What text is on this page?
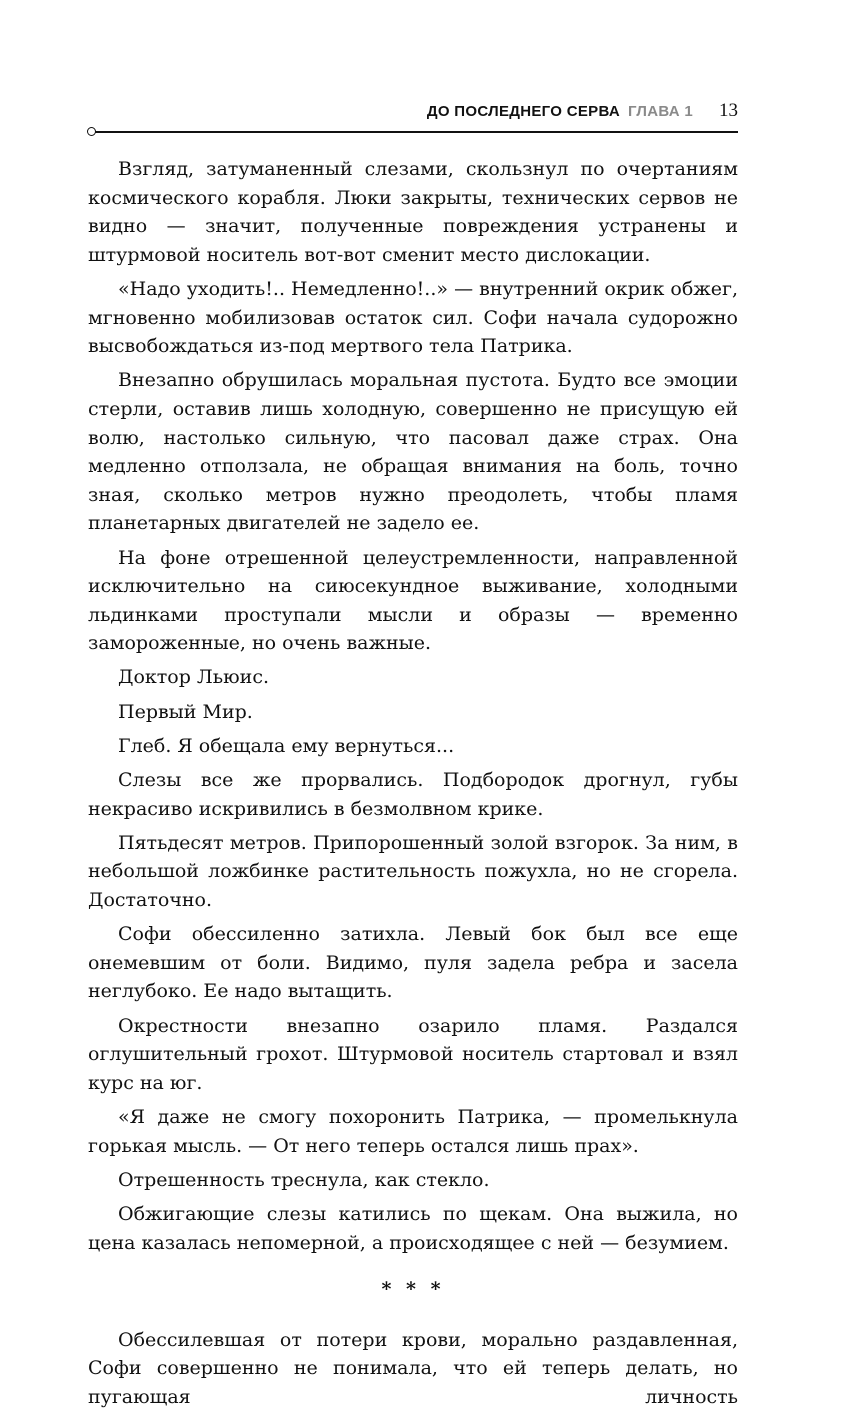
ДО ПОСЛЕДНЕГО СЕРВА ГЛАВА 1 13

Взгляд, затуманенный слезами, скользнул по очертаниям космического корабля. Люки закрыты, технических сервов не видно — значит, полученные повреждения устранены и штурмовой носитель вот-вот сменит место дислокации.

«Надо уходить!.. Немедленно!..» — внутренний окрик обжег, мгновенно мобилизовав остаток сил. Софи начала судорожно высвобождаться из-под мертвого тела Патрика.

Внезапно обрушилась моральная пустота. Будто все эмоции стерли, оставив лишь холодную, совершенно не присущую ей волю, настолько сильную, что пасовал даже страх. Она медленно отползала, не обращая внимания на боль, точно зная, сколько метров нужно преодолеть, чтобы пламя планетарных двигателей не задело ее.

На фоне отрешенной целеустремленности, направленной исключительно на сиюсекундное выживание, холодными льдинками проступали мысли и образы — временно замороженные, но очень важные.

Доктор Льюис.

Первый Мир.

Глеб. Я обещала ему вернуться...

Слезы все же прорвались. Подбородок дрогнул, губы некрасиво искривились в безмолвном крике.

Пятьдесят метров. Припорошенный золой взгорок. За ним, в небольшой ложбинке растительность пожухла, но не сгорела. Достаточно.

Софи обессиленно затихла. Левый бок был все еще онемевшим от боли. Видимо, пуля задела ребра и засела неглубоко. Ее надо вытащить.

Окрестности внезапно озарило пламя. Раздался оглушительный грохот. Штурмовой носитель стартовал и взял курс на юг.

«Я даже не смогу похоронить Патрика, — промелькнула горькая мысль. — От него теперь остался лишь прах».

Отрешенность треснула, как стекло.

Обжигающие слезы катились по щекам. Она выжила, но цена казалась непомерной, а происходящее с ней — безумием.

* * *

Обессилевшая от потери крови, морально раздавленная, Софи совершенно не понимала, что ей теперь делать, но пугающая личность
